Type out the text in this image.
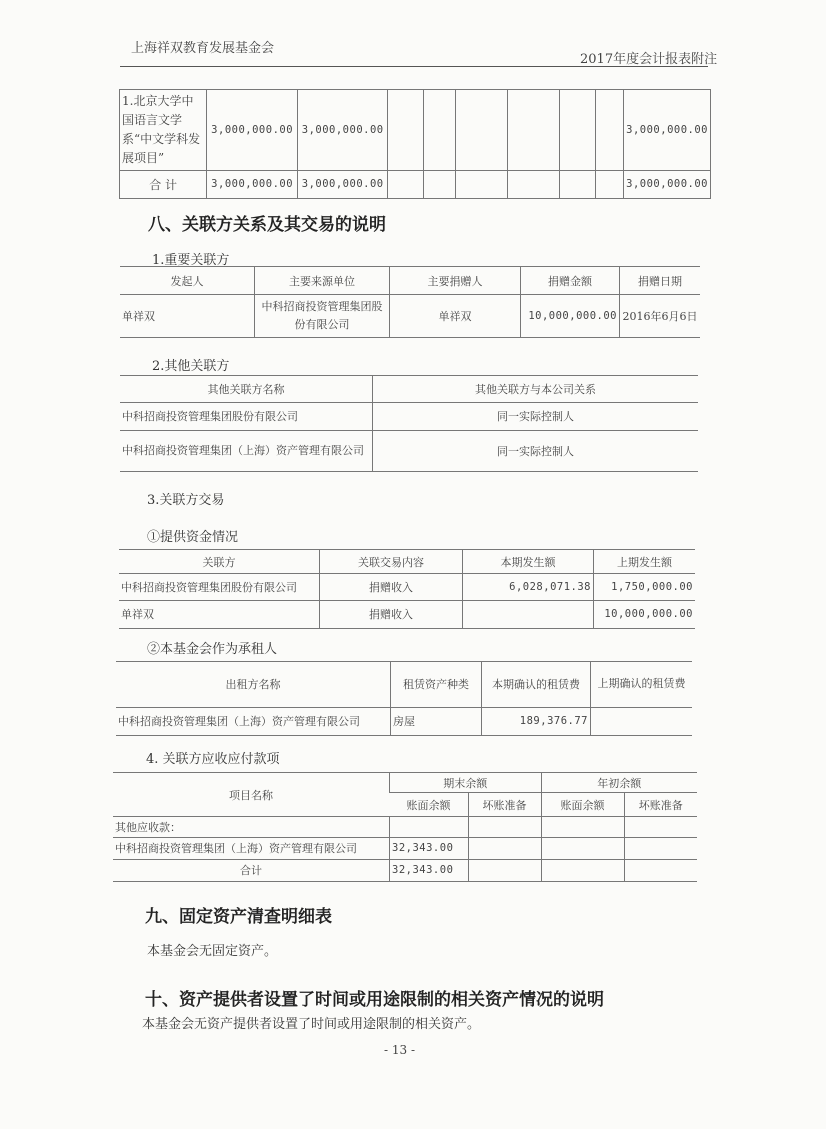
上海祥双教育发展基金会
2017年度会计报表附注
1.北京大学中国语言文学系“中文学科发展项目”	3,000,000.00	3,000,000.00							3,000,000.00
合 计	3,000,000.00	3,000,000.00							3,000,000.00
八、关联方关系及其交易的说明
1.重要关联方
发起人	主要来源单位	主要捐赠人	捐赠金额	捐赠日期
单祥双	中科招商投资管理集团股份有限公司	单祥双	10,000,000.00	2016年6月6日
2.其他关联方
其他关联方名称	其他关联方与本公司关系
中科招商投资管理集团股份有限公司	同一实际控制人
中科招商投资管理集团（上海）资产管理有限公司	同一实际控制人
3.关联方交易
①提供资金情况
关联方	关联交易内容	本期发生额	上期发生额
中科招商投资管理集团股份有限公司	捐赠收入	6,028,071.38	1,750,000.00
单祥双	捐赠收入		10,000,000.00
②本基金会作为承租人
出租方名称	租赁资产种类	本期确认的租赁费	上期确认的租赁费
中科招商投资管理集团（上海）资产管理有限公司	房屋	189,376.77	
4. 关联方应收应付款项
项目名称	期末余额		年初余额	
	账面余额	坏账准备	账面余额	坏账准备
其他应收款：				
中科招商投资管理集团（上海）资产管理有限公司	32,343.00			
合计	32,343.00			
九、固定资产清查明细表
本基金会无固定资产。
十、资产提供者设置了时间或用途限制的相关资产情况的说明
本基金会无资产提供者设置了时间或用途限制的相关资产。
- 13 -
